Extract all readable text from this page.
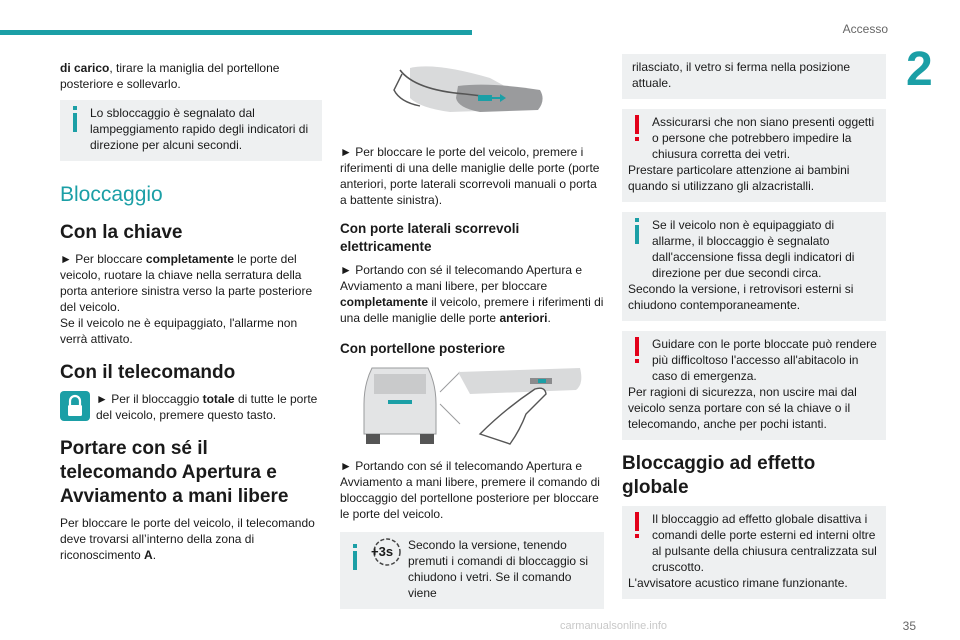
Accesso
2
35

di carico, tirare la maniglia del portellone posteriore e sollevarlo.

Lo sbloccaggio è segnalato dal lampeggiamento rapido degli indicatori di direzione per alcuni secondi.
Bloccaggio
Con la chiave

► Per bloccare completamente le porte del veicolo, ruotare la chiave nella serratura della porta anteriore sinistra verso la parte posteriore del veicolo.
Se il veicolo ne è equipaggiato, l'allarme non verrà attivato.

Con il telecomando

► Per il bloccaggio totale di tutte le porte del veicolo, premere questo tasto.

Portare con sé il telecomando Apertura e Avviamento a mani libere

Per bloccare le porte del veicolo, il telecomando deve trovarsi all’interno della zona di riconoscimento A.

► Per bloccare le porte del veicolo, premere i riferimenti di una delle maniglie delle porte (porte anteriori, porte laterali scorrevoli manuali o porta a battente sinistra).

Con porte laterali scorrevoli elettricamente

► Portando con sé il telecomando Apertura e Avviamento a mani libere, per bloccare completamente il veicolo, premere i riferimenti di una delle maniglie delle porte anteriori.

Con portellone posteriore

► Portando con sé il telecomando Apertura e Avviamento a mani libere, premere il comando di bloccaggio del portellone posteriore per bloccare le porte del veicolo.

+3s Secondo la versione, tenendo premuti i comandi di bloccaggio si chiudono i vetri. Se il comando viene
rilasciato, il vetro si ferma nella posizione attuale.
Assicurarsi che non siano presenti oggetti o persone che potrebbero impedire la chiusura corretta dei vetri.
Prestare particolare attenzione ai bambini quando si utilizzano gli alzacristalli.
Se il veicolo non è equipaggiato di allarme, il bloccaggio è segnalato dall'accensione fissa degli indicatori di direzione per due secondi circa.
Secondo la versione, i retrovisori esterni si chiudono contemporaneamente.
Guidare con le porte bloccate può rendere più difficoltoso l'accesso all'abitacolo in caso di emergenza.
Per ragioni di sicurezza, non uscire mai dal veicolo senza portare con sé la chiave o il telecomando, anche per pochi istanti.
Bloccaggio ad effetto globale
Il bloccaggio ad effetto globale disattiva i comandi delle porte esterni ed interni oltre al pulsante della chiusura centralizzata sul cruscotto.
L'avvisatore acustico rimane funzionante.
carmanualsonline.info
